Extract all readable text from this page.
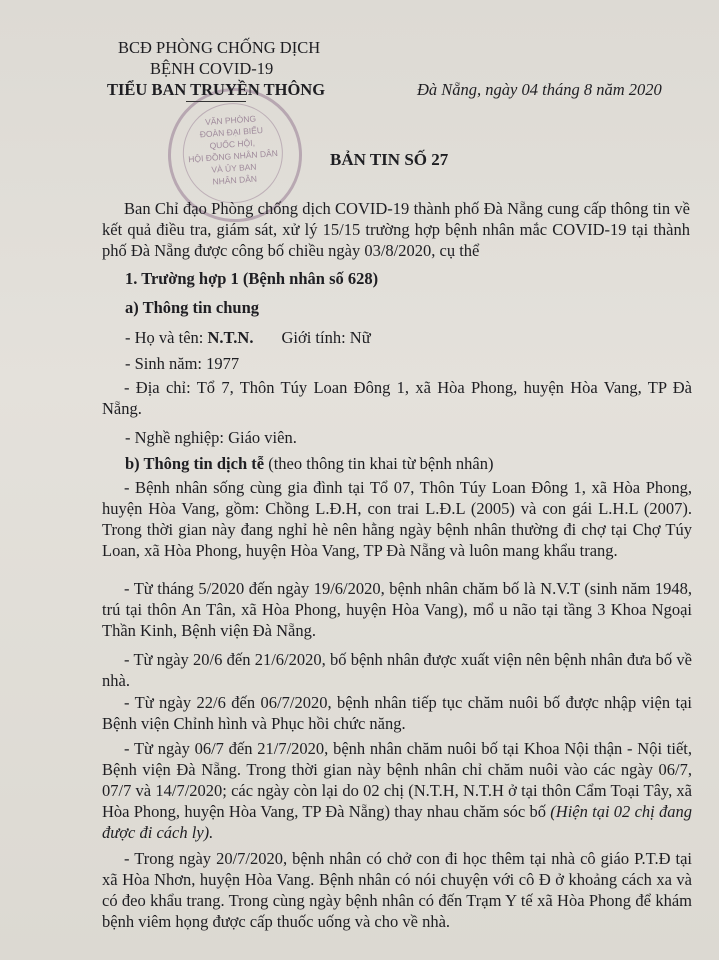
VĂN PHÒNG
ĐOÀN ĐẠI BIỂU
QUỐC HỘI,
HỘI ĐỒNG NHÂN DÂN
VÀ ỦY BAN
NHÂN DÂN
BCĐ PHÒNG CHỐNG DỊCH
BỆNH COVID-19
TIỂU BAN TRUYỀN THÔNG	Đà Nẵng, ngày 04 tháng 8 năm 2020
BẢN TIN SỐ 27
Ban Chỉ đạo Phòng chống dịch COVID-19 thành phố Đà Nẵng cung cấp thông tin về kết quả điều tra, giám sát, xử lý 15/15 trường hợp bệnh nhân mắc COVID-19 tại thành phố Đà Nẵng được công bố chiều ngày 03/8/2020, cụ thể
1. Trường hợp 1 (Bệnh nhân số 628)
a) Thông tin chung
- Họ và tên: N.T.N. Giới tính: Nữ
- Sinh năm: 1977
- Địa chỉ: Tổ 7, Thôn Túy Loan Đông 1, xã Hòa Phong, huyện Hòa Vang, TP Đà Nẵng.
- Nghề nghiệp: Giáo viên.
b) Thông tin dịch tễ (theo thông tin khai từ bệnh nhân)
- Bệnh nhân sống cùng gia đình tại Tổ 07, Thôn Túy Loan Đông 1, xã Hòa Phong, huyện Hòa Vang, gồm: Chồng L.Đ.H, con trai L.Đ.L (2005) và con gái L.H.L (2007). Trong thời gian này đang nghỉ hè nên hằng ngày bệnh nhân thường đi chợ tại Chợ Túy Loan, xã Hòa Phong, huyện Hòa Vang, TP Đà Nẵng và luôn mang khẩu trang.
- Từ tháng 5/2020 đến ngày 19/6/2020, bệnh nhân chăm bố là N.V.T (sinh năm 1948, trú tại thôn An Tân, xã Hòa Phong, huyện Hòa Vang), mổ u não tại tầng 3 Khoa Ngoại Thần Kinh, Bệnh viện Đà Nẵng.
- Từ ngày 20/6 đến 21/6/2020, bố bệnh nhân được xuất viện nên bệnh nhân đưa bố về nhà.
- Từ ngày 22/6 đến 06/7/2020, bệnh nhân tiếp tục chăm nuôi bố được nhập viện tại Bệnh viện Chỉnh hình và Phục hồi chức năng.
- Từ ngày 06/7 đến 21/7/2020, bệnh nhân chăm nuôi bố tại Khoa Nội thận - Nội tiết, Bệnh viện Đà Nẵng. Trong thời gian này bệnh nhân chỉ chăm nuôi vào các ngày 06/7, 07/7 và 14/7/2020; các ngày còn lại do 02 chị (N.T.H, N.T.H ở tại thôn Cẩm Toại Tây, xã Hòa Phong, huyện Hòa Vang, TP Đà Nẵng) thay nhau chăm sóc bố (Hiện tại 02 chị đang được đi cách ly).
- Trong ngày 20/7/2020, bệnh nhân có chở con đi học thêm tại nhà cô giáo P.T.Đ tại xã Hòa Nhơn, huyện Hòa Vang. Bệnh nhân có nói chuyện với cô Đ ở khoảng cách xa và có đeo khẩu trang. Trong cùng ngày bệnh nhân có đến Trạm Y tế xã Hòa Phong để khám bệnh viêm họng được cấp thuốc uống và cho về nhà.
